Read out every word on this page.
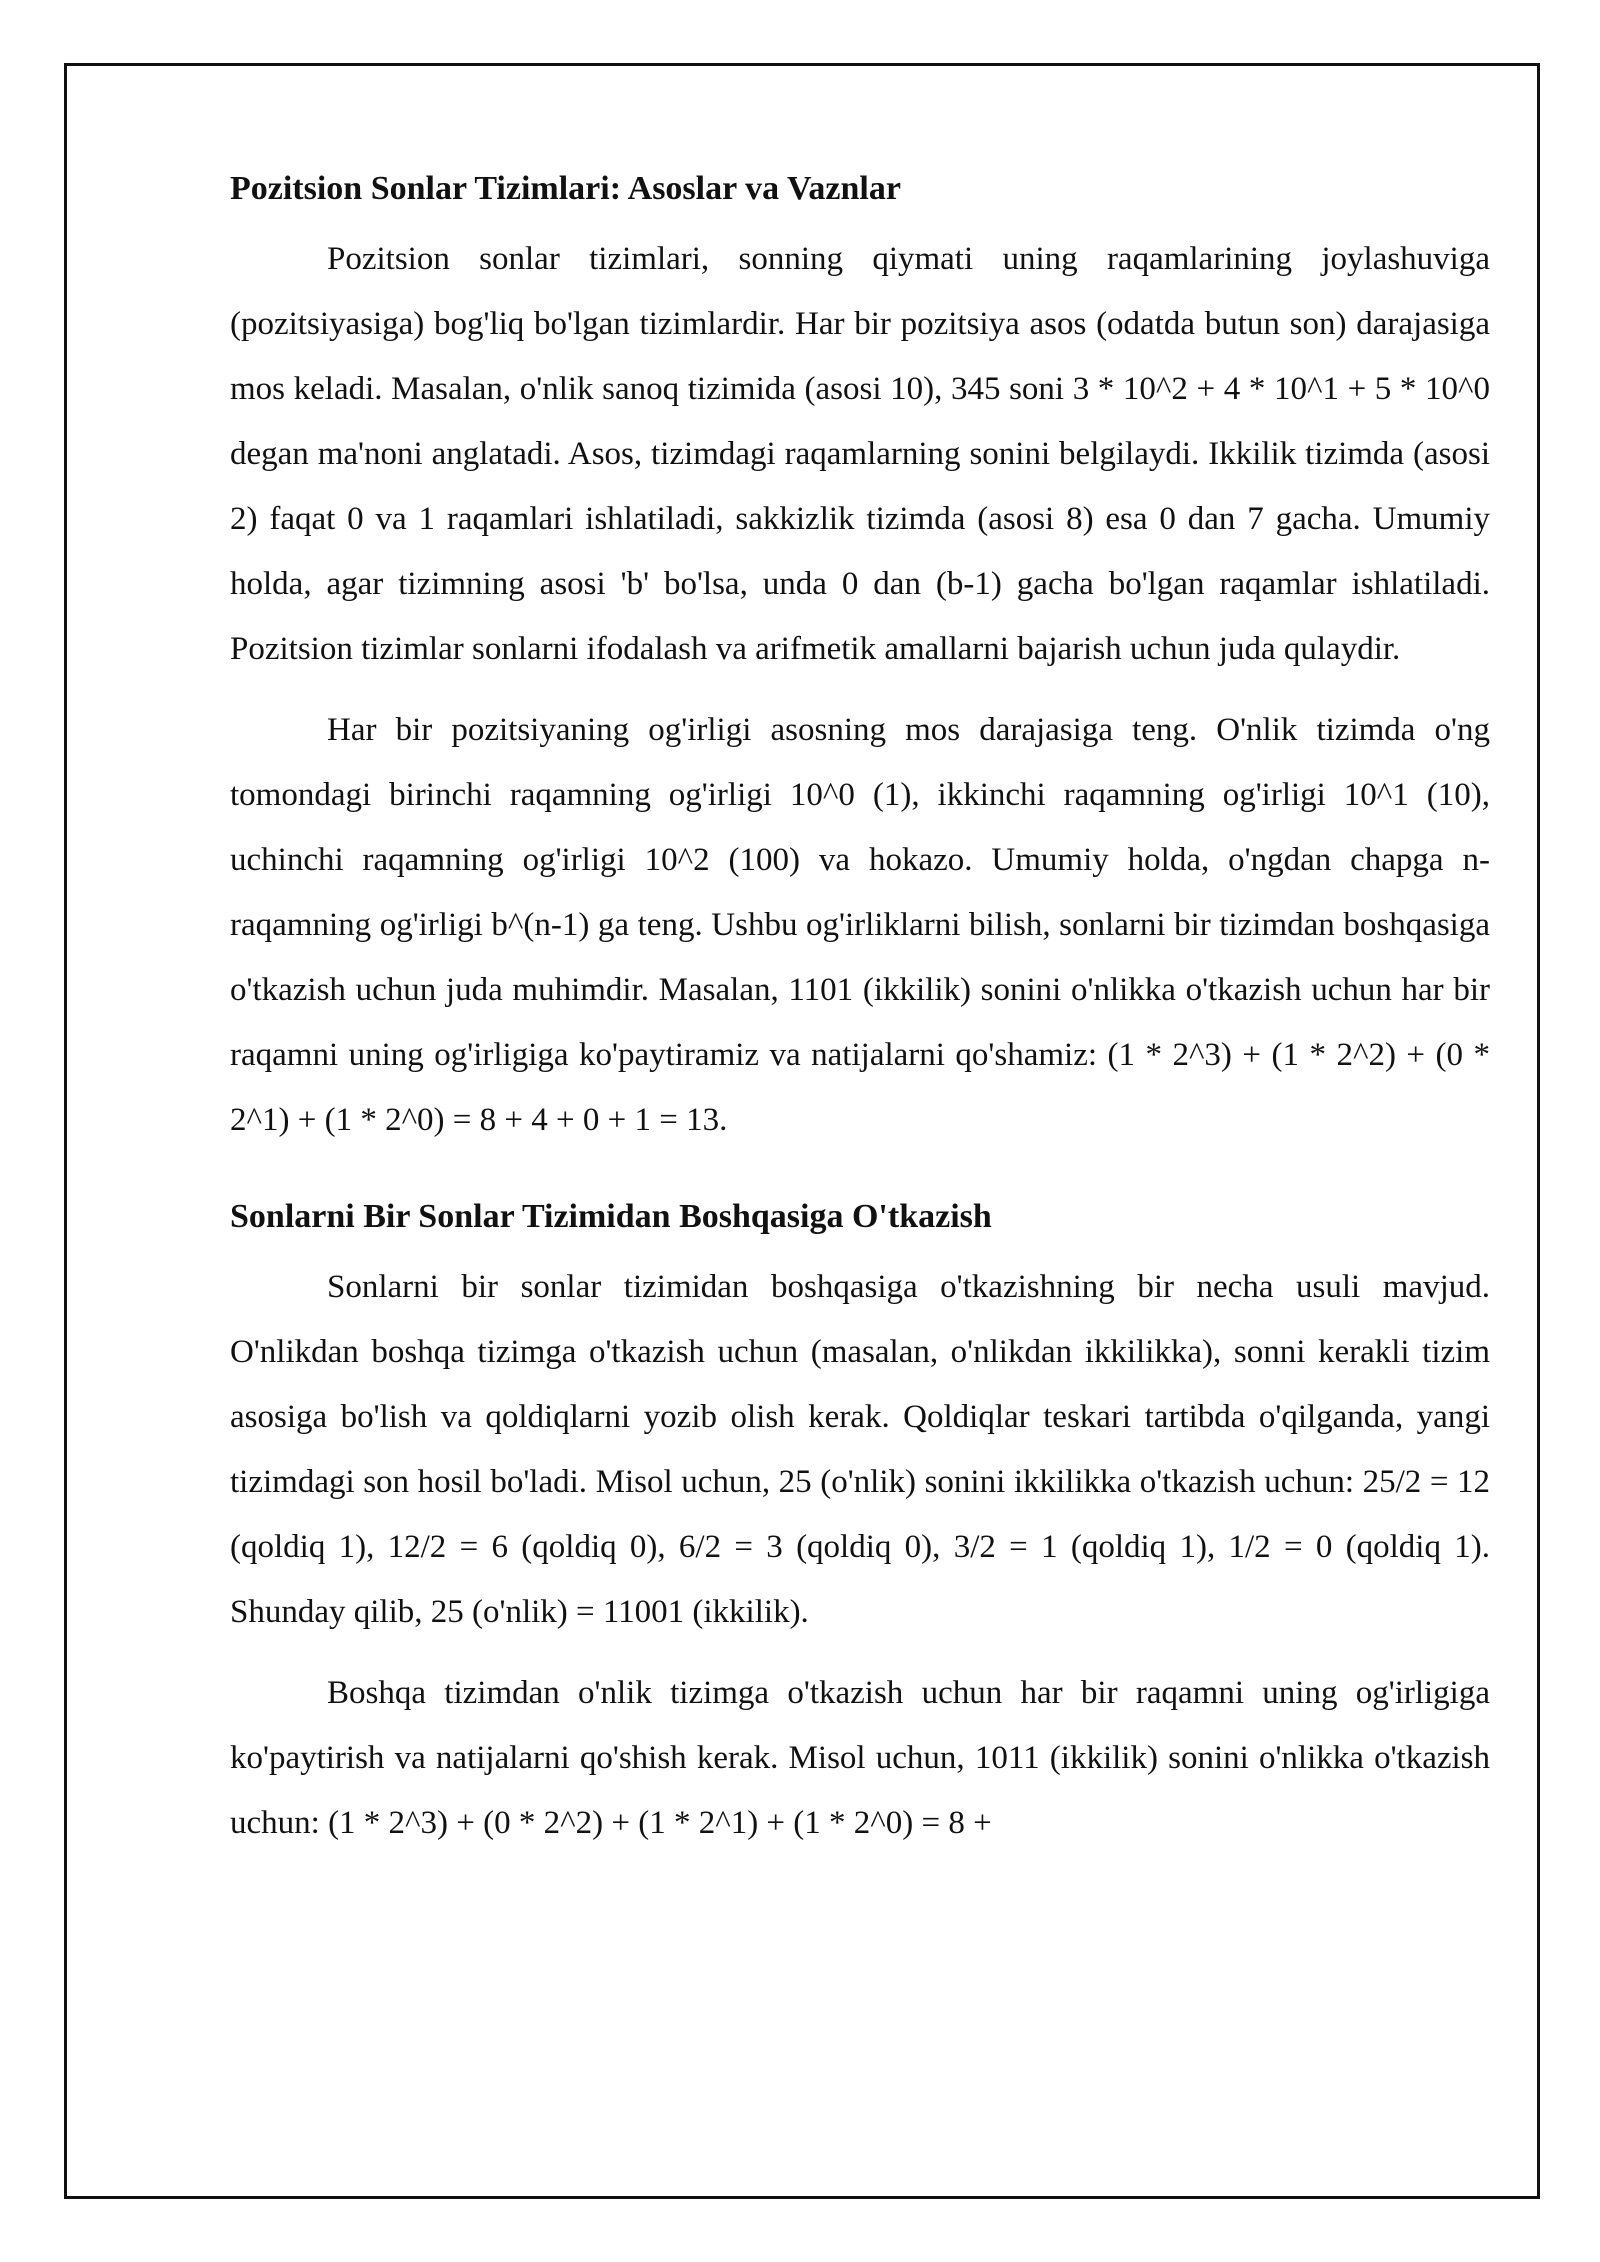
Pozitsion Sonlar Tizimlari: Asoslar va Vaznlar

Pozitsion sonlar tizimlari, sonning qiymati uning raqamlarining joylashuviga (pozitsiyasiga) bog'liq bo'lgan tizimlardir. Har bir pozitsiya asos (odatda butun son) darajasiga mos keladi. Masalan, o'nlik sanoq tizimida (asosi 10), 345 soni 3 * 10^2 + 4 * 10^1 + 5 * 10^0 degan ma'noni anglatadi. Asos, tizimdagi raqamlarning sonini belgilaydi. Ikkilik tizimda (asosi 2) faqat 0 va 1 raqamlari ishlatiladi, sakkizlik tizimda (asosi 8) esa 0 dan 7 gacha. Umumiy holda, agar tizimning asosi 'b' bo'lsa, unda 0 dan (b-1) gacha bo'lgan raqamlar ishlatiladi. Pozitsion tizimlar sonlarni ifodalash va arifmetik amallarni bajarish uchun juda qulaydir.

Har bir pozitsiyaning og'irligi asosning mos darajasiga teng. O'nlik tizimda o'ng tomondagi birinchi raqamning og'irligi 10^0 (1), ikkinchi raqamning og'irligi 10^1 (10), uchinchi raqamning og'irligi 10^2 (100) va hokazo. Umumiy holda, o'ngdan chapga n-raqamning og'irligi b^(n-1) ga teng. Ushbu og'irliklarni bilish, sonlarni bir tizimdan boshqasiga o'tkazish uchun juda muhimdir. Masalan, 1101 (ikkilik) sonini o'nlikka o'tkazish uchun har bir raqamni uning og'irligiga ko'paytiramiz va natijalarni qo'shamiz: (1 * 2^3) + (1 * 2^2) + (0 * 2^1) + (1 * 2^0) = 8 + 4 + 0 + 1 = 13.

Sonlarni Bir Sonlar Tizimidan Boshqasiga O'tkazish

Sonlarni bir sonlar tizimidan boshqasiga o'tkazishning bir necha usuli mavjud. O'nlikdan boshqa tizimga o'tkazish uchun (masalan, o'nlikdan ikkilikka), sonni kerakli tizim asosiga bo'lish va qoldiqlarni yozib olish kerak. Qoldiqlar teskari tartibda o'qilganda, yangi tizimdagi son hosil bo'ladi. Misol uchun, 25 (o'nlik) sonini ikkilikka o'tkazish uchun: 25/2 = 12 (qoldiq 1), 12/2 = 6 (qoldiq 0), 6/2 = 3 (qoldiq 0), 3/2 = 1 (qoldiq 1), 1/2 = 0 (qoldiq 1). Shunday qilib, 25 (o'nlik) = 11001 (ikkilik).

Boshqa tizimdan o'nlik tizimga o'tkazish uchun har bir raqamni uning og'irligiga ko'paytirish va natijalarni qo'shish kerak. Misol uchun, 1011 (ikkilik) sonini o'nlikka o'tkazish uchun: (1 * 2^3) + (0 * 2^2) + (1 * 2^1) + (1 * 2^0) = 8 +
